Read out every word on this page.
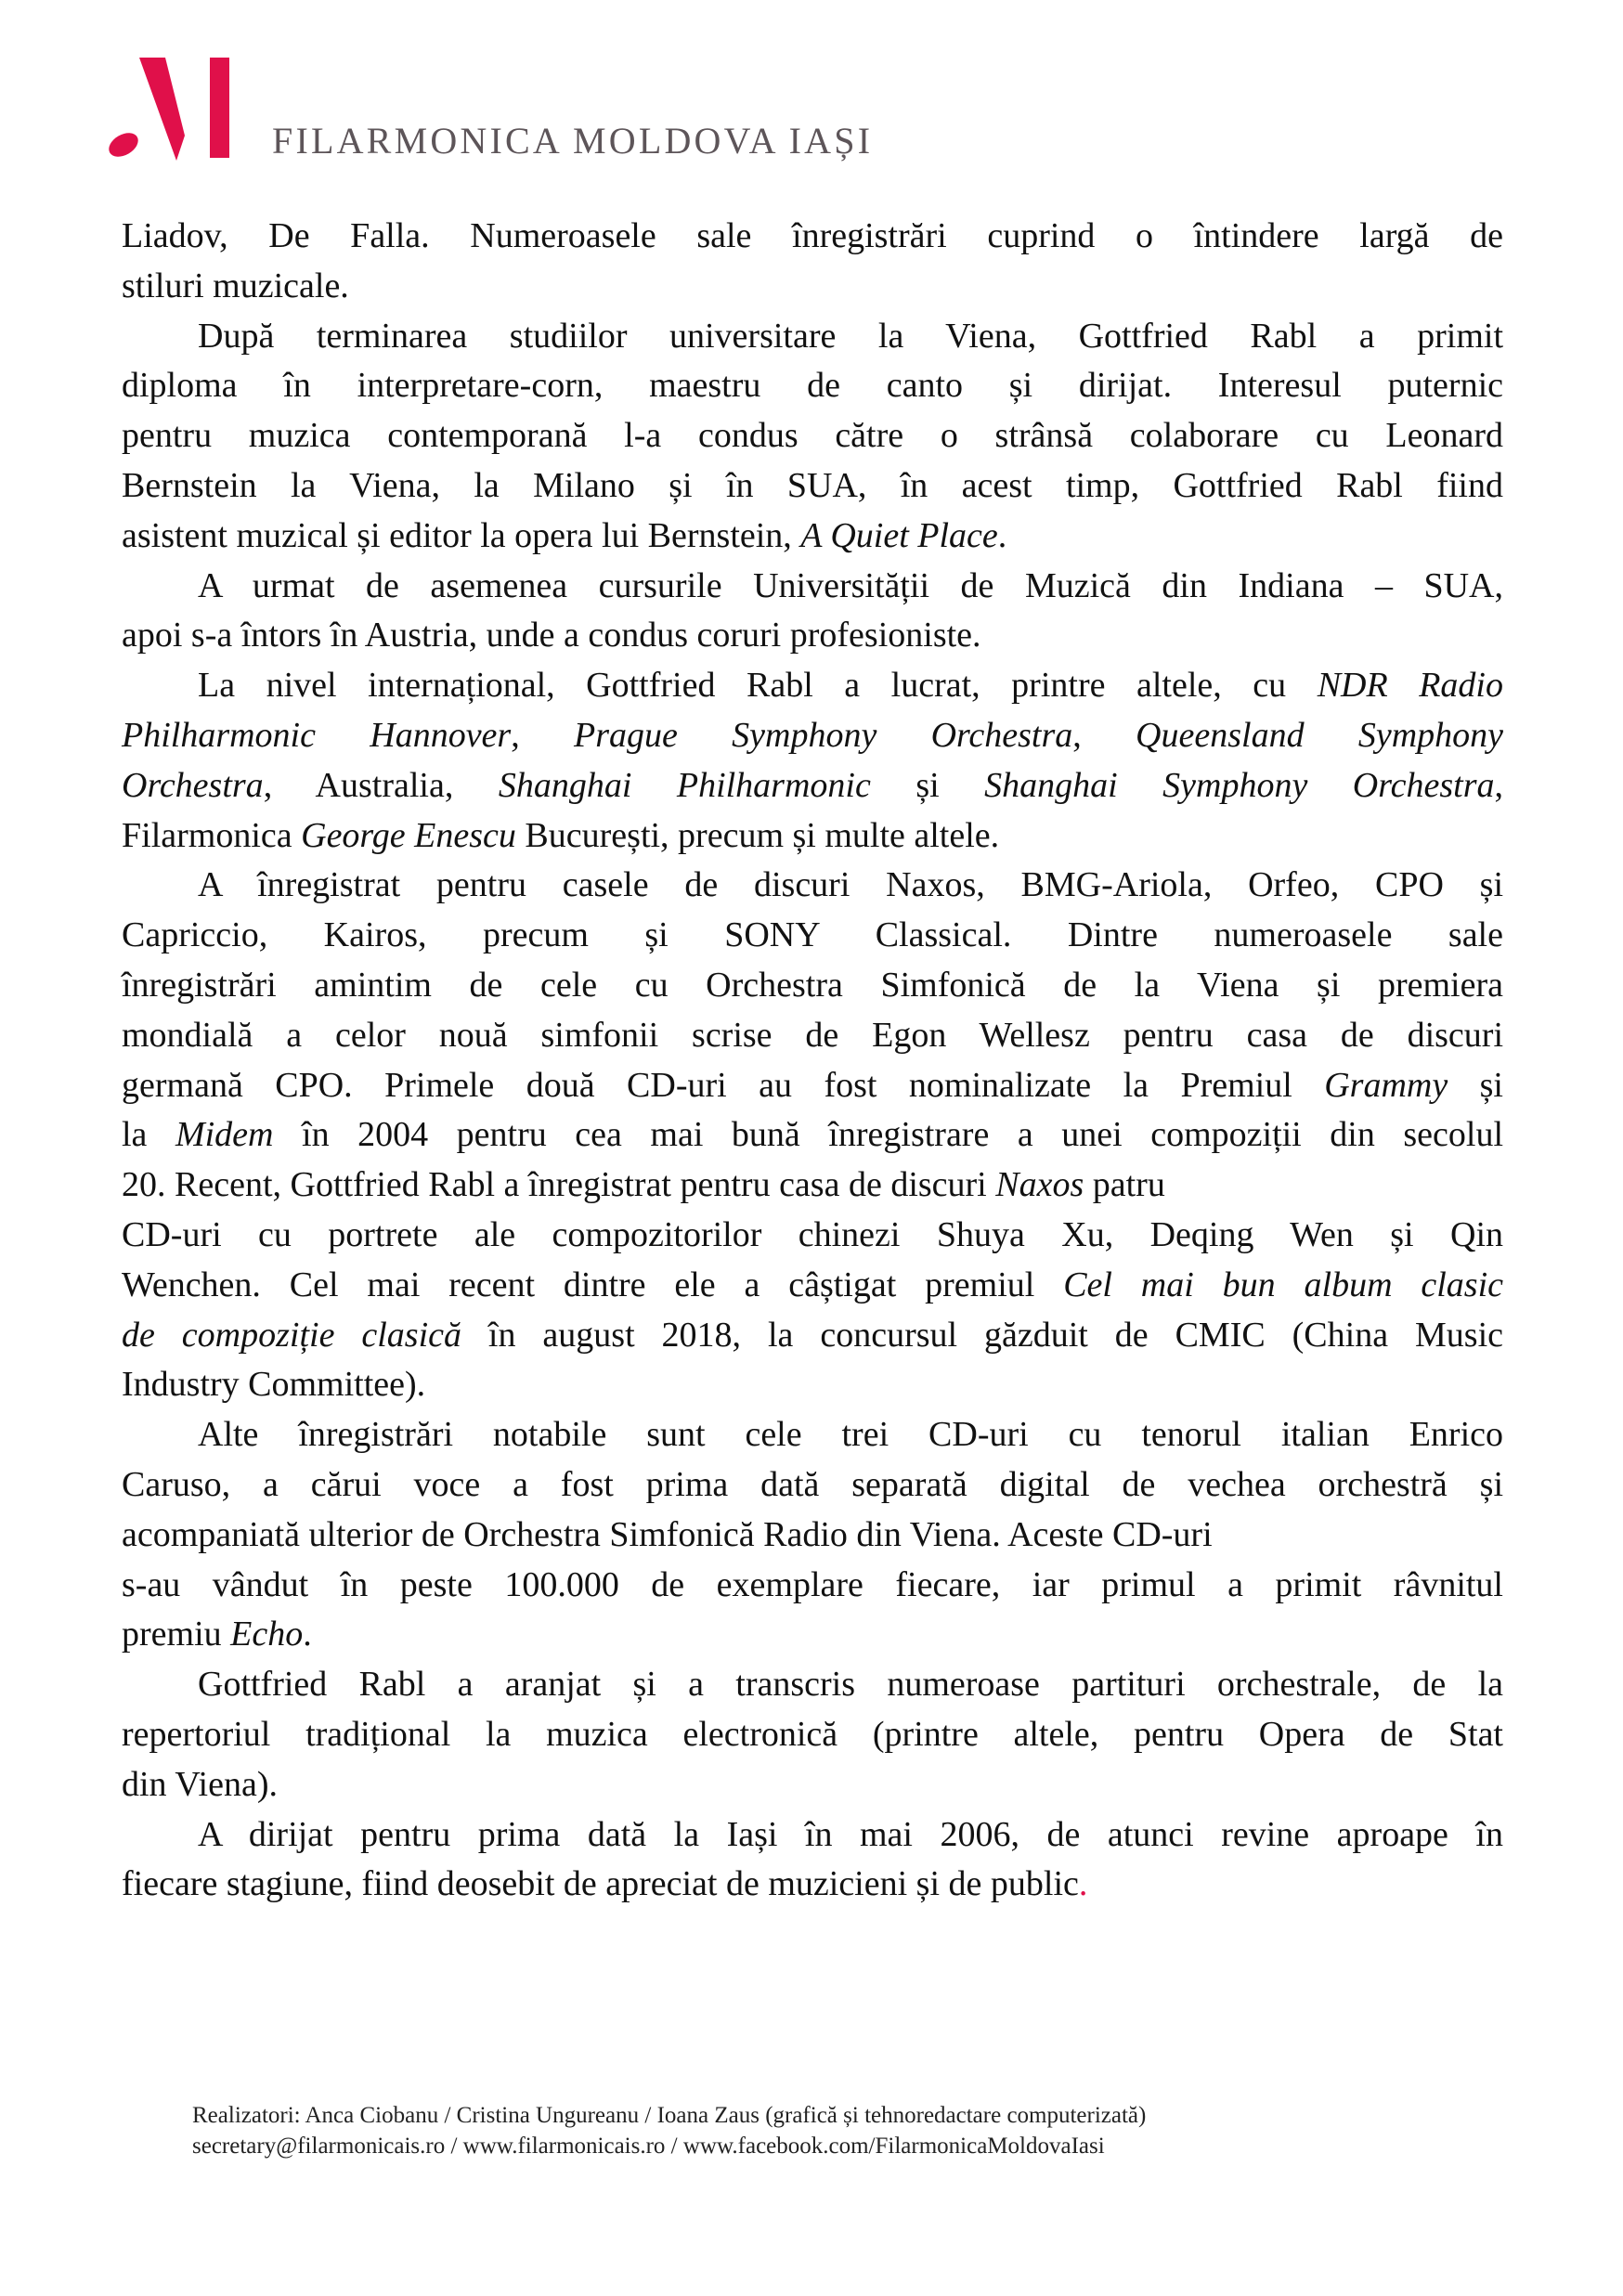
FILARMONICA MOLDOVA IAȘI
Liadov, De Falla. Numeroasele sale înregistrări cuprind o întindere largă de
stiluri muzicale.
După terminarea studiilor universitare la Viena, Gottfried Rabl a primit
diploma în interpretare-corn, maestru de canto și dirijat. Interesul puternic
pentru muzica contemporană l-a condus către o strânsă colaborare cu Leonard
Bernstein la Viena, la Milano și în SUA, în acest timp, Gottfried Rabl fiind
asistent muzical și editor la opera lui Bernstein, A Quiet Place.
A urmat de asemenea cursurile Universității de Muzică din Indiana – SUA,
apoi s-a întors în Austria, unde a condus coruri profesioniste.
La nivel internațional, Gottfried Rabl a lucrat, printre altele, cu NDR Radio
Philharmonic Hannover, Prague Symphony Orchestra, Queensland Symphony
Orchestra, Australia, Shanghai Philharmonic și Shanghai Symphony Orchestra,
Filarmonica George Enescu București, precum și multe altele.
A înregistrat pentru casele de discuri Naxos, BMG-Ariola, Orfeo, CPO și
Capriccio, Kairos, precum și SONY Classical. Dintre numeroasele sale
înregistrări amintim de cele cu Orchestra Simfonică de la Viena și premiera
mondială a celor nouă simfonii scrise de Egon Wellesz pentru casa de discuri
germană CPO. Primele două CD-uri au fost nominalizate la Premiul Grammy și
la Midem în 2004 pentru cea mai bună înregistrare a unei compoziții din secolul
20. Recent, Gottfried Rabl a înregistrat pentru casa de discuri Naxos patru
CD-uri cu portrete ale compozitorilor chinezi Shuya Xu, Deqing Wen și Qin
Wenchen. Cel mai recent dintre ele a câștigat premiul Cel mai bun album clasic
de compoziție clasică în august 2018, la concursul găzduit de CMIC (China Music
Industry Committee).
Alte înregistrări notabile sunt cele trei CD-uri cu tenorul italian Enrico
Caruso, a cărui voce a fost prima dată separată digital de vechea orchestră și
acompaniată ulterior de Orchestra Simfonică Radio din Viena. Aceste CD-uri
s-au vândut în peste 100.000 de exemplare fiecare, iar primul a primit râvnitul
premiu Echo.
Gottfried Rabl a aranjat și a transcris numeroase partituri orchestrale, de la
repertoriul tradițional la muzica electronică (printre altele, pentru Opera de Stat
din Viena).
A dirijat pentru prima dată la Iași în mai 2006, de atunci revine aproape în
fiecare stagiune, fiind deosebit de apreciat de muzicieni și de public.
Realizatori: Anca Ciobanu / Cristina Ungureanu / Ioana Zaus (grafică și tehnoredactare computerizată)
secretary@filarmonicais.ro / www.filarmonicais.ro / www.facebook.com/FilarmonicaMoldovaIasi
